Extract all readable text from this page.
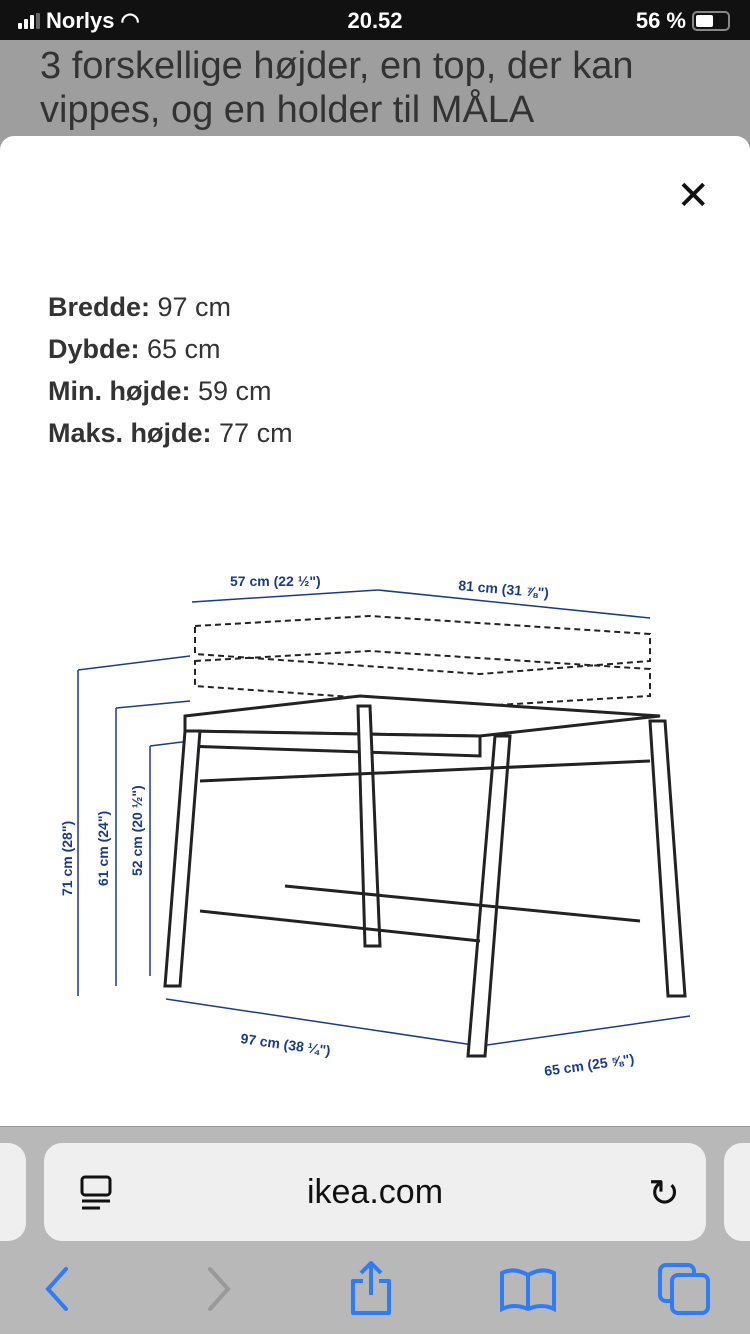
Norlys ◠	20.52	56 %
3 forskellige højder, en top, der kan vippes, og en holder til MÅLA
✕
Bredde: 97 cm
Dybde: 65 cm
Min. højde: 59 cm
Maks. højde: 77 cm
57 cm (22 ½")	81 cm (31 ⅞")
71 cm (28") 61 cm (24") 52 cm (20 ½")
97 cm (38 ¼")
65 cm (25 ⅝")
ikea.com	↻
